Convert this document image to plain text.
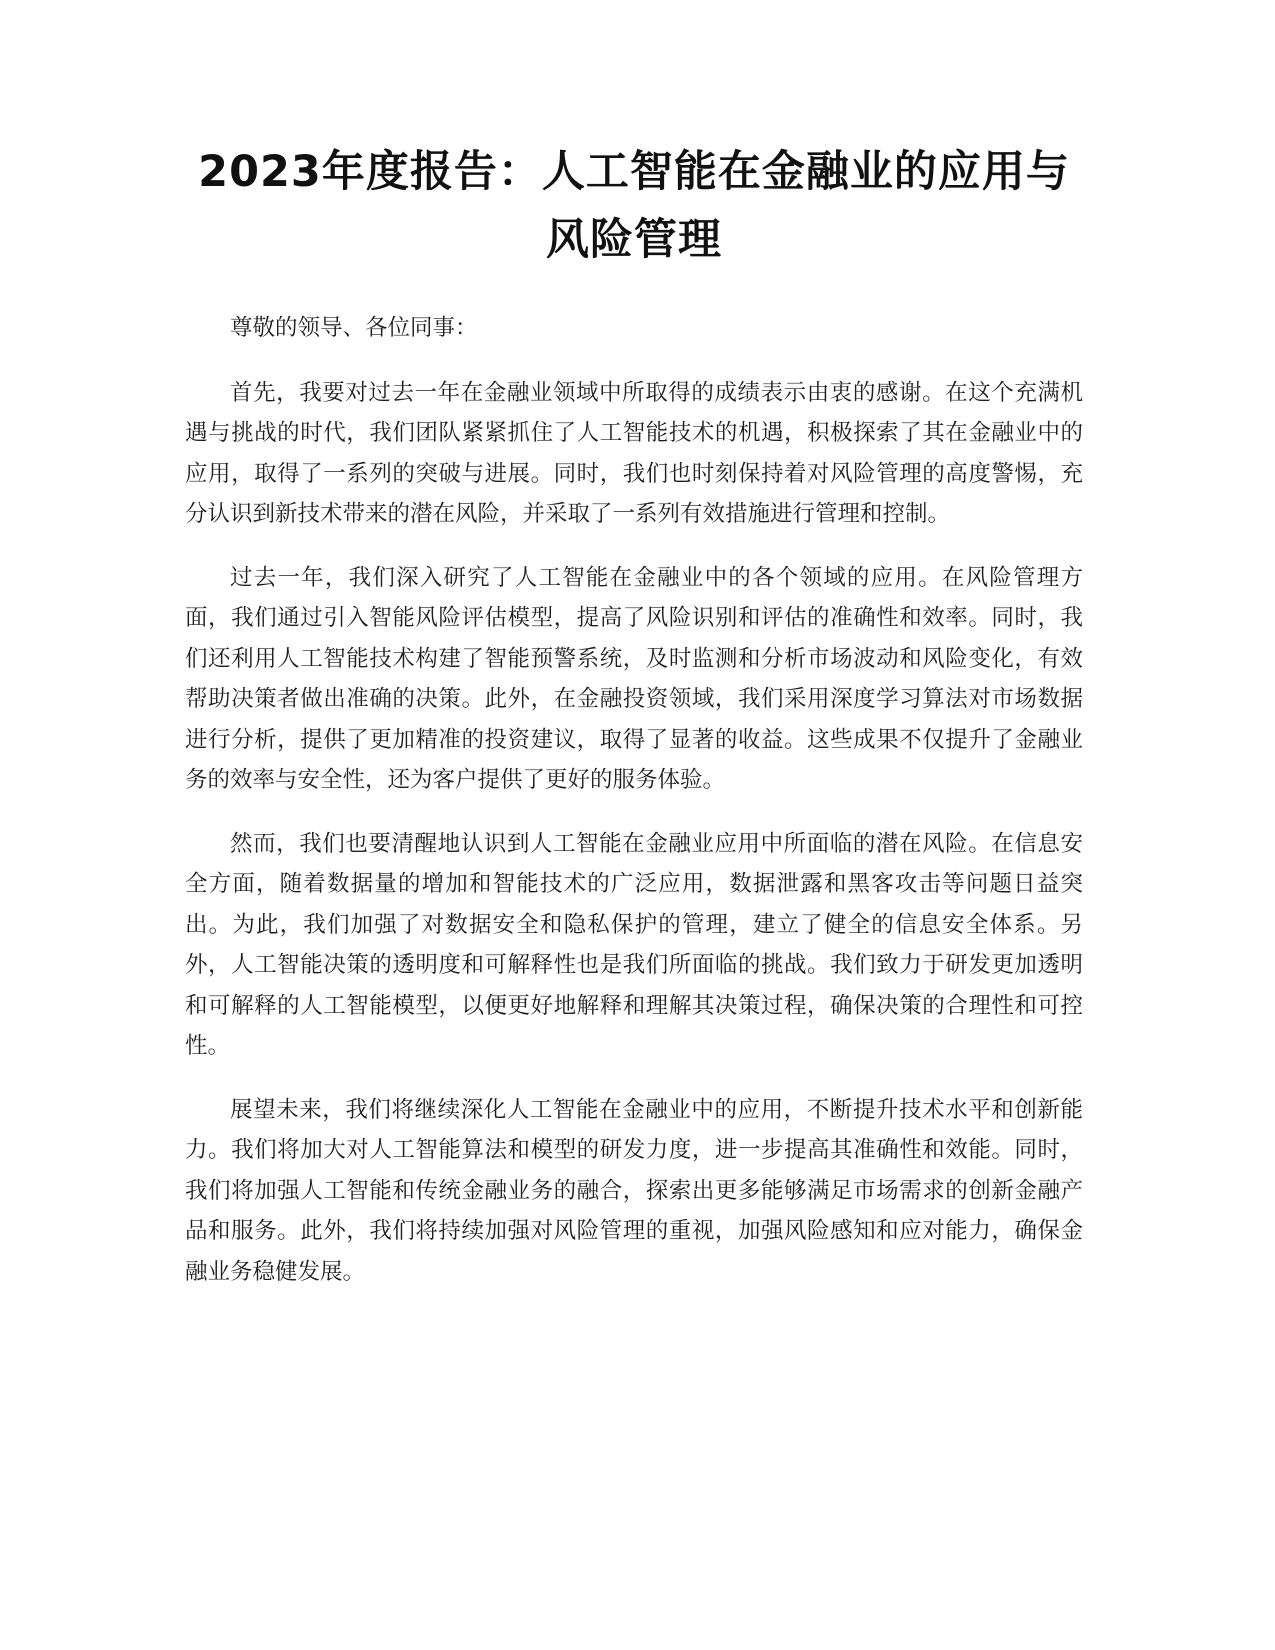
2023年度报告：人工智能在金融业的应用与
风险管理

尊敬的领导、各位同事：

首先，我要对过去一年在金融业领域中所取得的成绩表示由衷的感谢。在这个充满机遇与挑战的时代，我们团队紧紧抓住了人工智能技术的机遇，积极探索了其在金融业中的应用，取得了一系列的突破与进展。同时，我们也时刻保持着对风险管理的高度警惕，充分认识到新技术带来的潜在风险，并采取了一系列有效措施进行管理和控制。

过去一年，我们深入研究了人工智能在金融业中的各个领域的应用。在风险管理方面，我们通过引入智能风险评估模型，提高了风险识别和评估的准确性和效率。同时，我们还利用人工智能技术构建了智能预警系统，及时监测和分析市场波动和风险变化，有效帮助决策者做出准确的决策。此外，在金融投资领域，我们采用深度学习算法对市场数据进行分析，提供了更加精准的投资建议，取得了显著的收益。这些成果不仅提升了金融业务的效率与安全性，还为客户提供了更好的服务体验。

然而，我们也要清醒地认识到人工智能在金融业应用中所面临的潜在风险。在信息安全方面，随着数据量的增加和智能技术的广泛应用，数据泄露和黑客攻击等问题日益突出。为此，我们加强了对数据安全和隐私保护的管理，建立了健全的信息安全体系。另外，人工智能决策的透明度和可解释性也是我们所面临的挑战。我们致力于研发更加透明和可解释的人工智能模型，以便更好地解释和理解其决策过程，确保决策的合理性和可控性。

展望未来，我们将继续深化人工智能在金融业中的应用，不断提升技术水平和创新能力。我们将加大对人工智能算法和模型的研发力度，进一步提高其准确性和效能。同时，我们将加强人工智能和传统金融业务的融合，探索出更多能够满足市场需求的创新金融产品和服务。此外，我们将持续加强对风险管理的重视，加强风险感知和应对能力，确保金融业务稳健发展。
